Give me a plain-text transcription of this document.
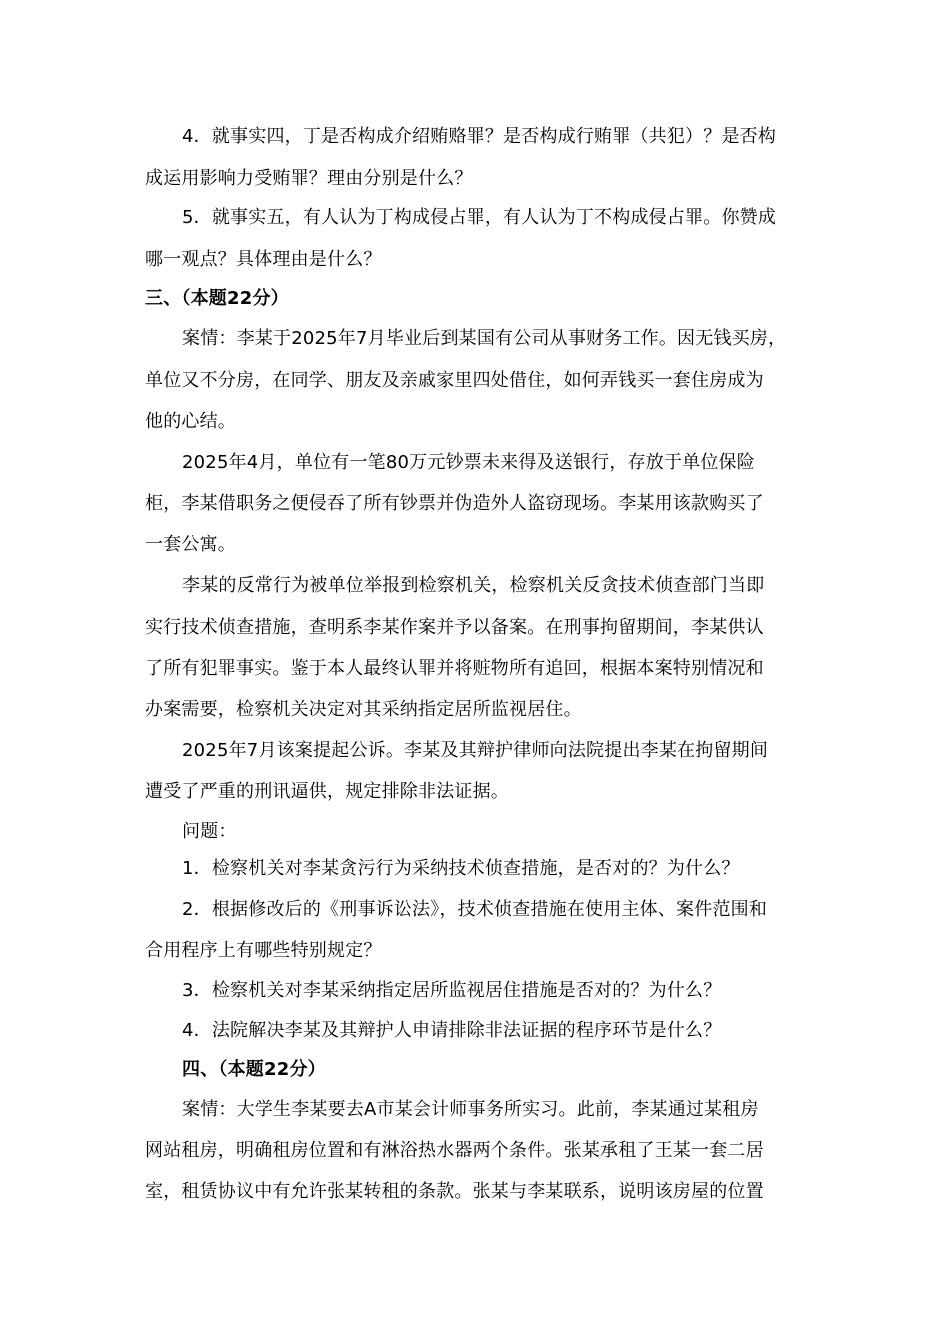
4．就事实四，丁是否构成介绍贿赂罪？是否构成行贿罪（共犯）？是否构
成运用影响力受贿罪？理由分别是什么？
5．就事实五，有人认为丁构成侵占罪，有人认为丁不构成侵占罪。你赞成
哪一观点？具体理由是什么？
三、（本题22分）
案情：李某于2025年7月毕业后到某国有公司从事财务工作。因无钱买房，
单位又不分房，在同学、朋友及亲戚家里四处借住，如何弄钱买一套住房成为
他的心结。
2025年4月，单位有一笔80万元钞票未来得及送银行，存放于单位保险
柜，李某借职务之便侵吞了所有钞票并伪造外人盗窃现场。李某用该款购买了
一套公寓。
李某的反常行为被单位举报到检察机关，检察机关反贪技术侦查部门当即
实行技术侦查措施，查明系李某作案并予以备案。在刑事拘留期间，李某供认
了所有犯罪事实。鉴于本人最终认罪并将赃物所有追回，根据本案特别情况和
办案需要，检察机关决定对其采纳指定居所监视居住。
2025年7月该案提起公诉。李某及其辩护律师向法院提出李某在拘留期间
遭受了严重的刑讯逼供，规定排除非法证据。
问题：
1．检察机关对李某贪污行为采纳技术侦查措施，是否对的？为什么？
2．根据修改后的《刑事诉讼法》，技术侦查措施在使用主体、案件范围和
合用程序上有哪些特别规定？
3．检察机关对李某采纳指定居所监视居住措施是否对的？为什么？
4．法院解决李某及其辩护人申请排除非法证据的程序环节是什么？
四、（本题22分）
案情：大学生李某要去A市某会计师事务所实习。此前，李某通过某租房
网站租房，明确租房位置和有淋浴热水器两个条件。张某承租了王某一套二居
室，租赁协议中有允许张某转租的条款。张某与李某联系，说明该房屋的位置
